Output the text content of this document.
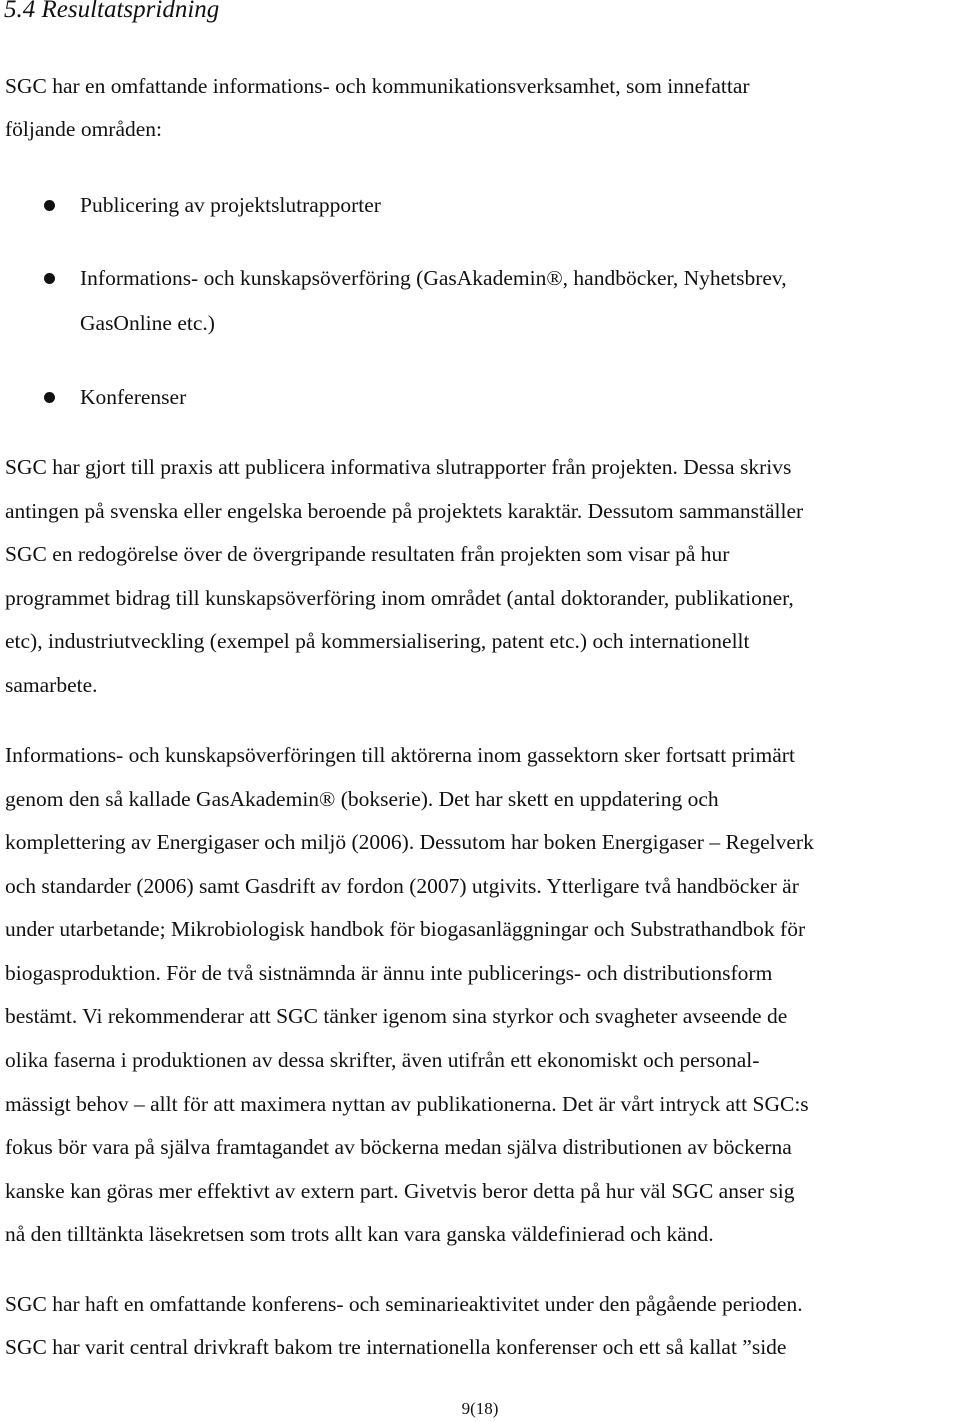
5.4 Resultatspridning
SGC har en omfattande informations- och kommunikationsverksamhet, som innefattar
följande områden:
Publicering av projektslutrapporter
Informations- och kunskapsöverföring (GasAkademin®, handböcker, Nyhetsbrev,
GasOnline etc.)
Konferenser
SGC har gjort till praxis att publicera informativa slutrapporter från projekten. Dessa skrivs
antingen på svenska eller engelska beroende på projektets karaktär. Dessutom sammanställer
SGC en redogörelse över de övergripande resultaten från projekten som visar på hur
programmet bidrag till kunskapsöverföring inom området (antal doktorander, publikationer,
etc), industriutveckling (exempel på kommersialisering, patent etc.) och internationellt
samarbete.
Informations- och kunskapsöverföringen till aktörerna inom gassektorn sker fortsatt primärt
genom den så kallade GasAkademin® (bokserie). Det har skett en uppdatering och
komplettering av Energigaser och miljö (2006). Dessutom har boken Energigaser – Regelverk
och standarder (2006) samt Gasdrift av fordon (2007) utgivits. Ytterligare två handböcker är
under utarbetande; Mikrobiologisk handbok för biogasanläggningar och Substrathandbok för
biogasproduktion. För de två sistnämnda är ännu inte publicerings- och distributionsform
bestämt. Vi rekommenderar att SGC tänker igenom sina styrkor och svagheter avseende de
olika faserna i produktionen av dessa skrifter, även utifrån ett ekonomiskt och personal-
mässigt behov – allt för att maximera nyttan av publikationerna. Det är vårt intryck att SGC:s
fokus bör vara på själva framtagandet av böckerna medan själva distributionen av böckerna
kanske kan göras mer effektivt av extern part. Givetvis beror detta på hur väl SGC anser sig
nå den tilltänkta läsekretsen som trots allt kan vara ganska väldefinierad och känd.
SGC har haft en omfattande konferens- och seminarieaktivitet under den pågående perioden.
SGC har varit central drivkraft bakom tre internationella konferenser och ett så kallat ”side
9(18)
